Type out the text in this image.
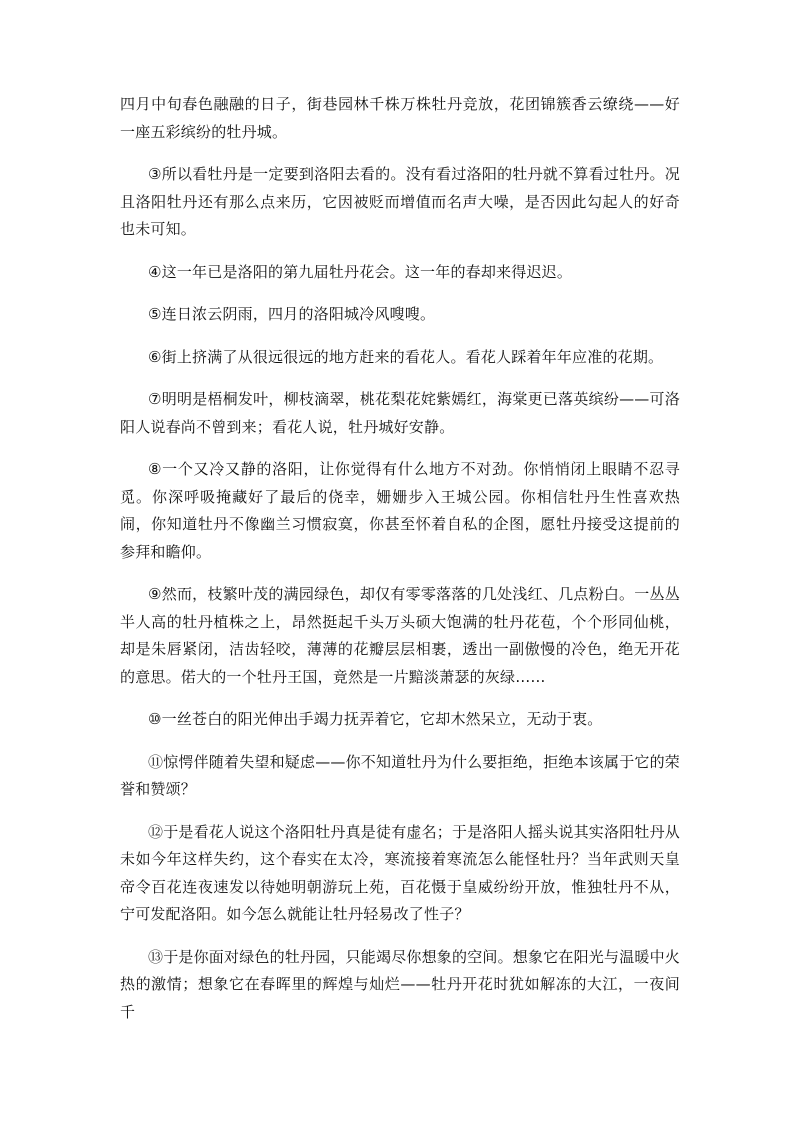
四月中旬春色融融的日子，街巷园林千株万株牡丹竞放，花团锦簇香云缭绕——好一座五彩缤纷的牡丹城。

③所以看牡丹是一定要到洛阳去看的。没有看过洛阳的牡丹就不算看过牡丹。况且洛阳牡丹还有那么点来历，它因被贬而增值而名声大噪，是否因此勾起人的好奇也未可知。

④这一年已是洛阳的第九届牡丹花会。这一年的春却来得迟迟。

⑤连日浓云阴雨，四月的洛阳城冷风嗖嗖。

⑥街上挤满了从很远很远的地方赶来的看花人。看花人踩着年年应准的花期。

⑦明明是梧桐发叶，柳枝滴翠，桃花梨花姹紫嫣红，海棠更已落英缤纷——可洛阳人说春尚不曾到来；看花人说，牡丹城好安静。

⑧一个又冷又静的洛阳，让你觉得有什么地方不对劲。你悄悄闭上眼睛不忍寻觅。你深呼吸掩藏好了最后的侥幸，姗姗步入王城公园。你相信牡丹生性喜欢热闹，你知道牡丹不像幽兰习惯寂寞，你甚至怀着自私的企图，愿牡丹接受这提前的参拜和瞻仰。

⑨然而，枝繁叶茂的满园绿色，却仅有零零落落的几处浅红、几点粉白。一丛丛半人高的牡丹植株之上，昂然挺起千头万头硕大饱满的牡丹花苞，个个形同仙桃，却是朱唇紧闭，洁齿轻咬，薄薄的花瓣层层相裹，透出一副傲慢的冷色，绝无开花的意思。偌大的一个牡丹王国，竟然是一片黯淡萧瑟的灰绿……

⑩一丝苍白的阳光伸出手竭力抚弄着它，它却木然呆立，无动于衷。

⑪惊愕伴随着失望和疑虑——你不知道牡丹为什么要拒绝，拒绝本该属于它的荣誉和赞颂？

⑫于是看花人说这个洛阳牡丹真是徒有虚名；于是洛阳人摇头说其实洛阳牡丹从未如今年这样失约，这个春实在太冷，寒流接着寒流怎么能怪牡丹？当年武则天皇帝令百花连夜速发以待她明朝游玩上苑，百花慑于皇威纷纷开放，惟独牡丹不从，宁可发配洛阳。如今怎么就能让牡丹轻易改了性子？

⑬于是你面对绿色的牡丹园，只能竭尽你想象的空间。想象它在阳光与温暖中火热的激情；想象它在春晖里的辉煌与灿烂——牡丹开花时犹如解冻的大江，一夜间千
